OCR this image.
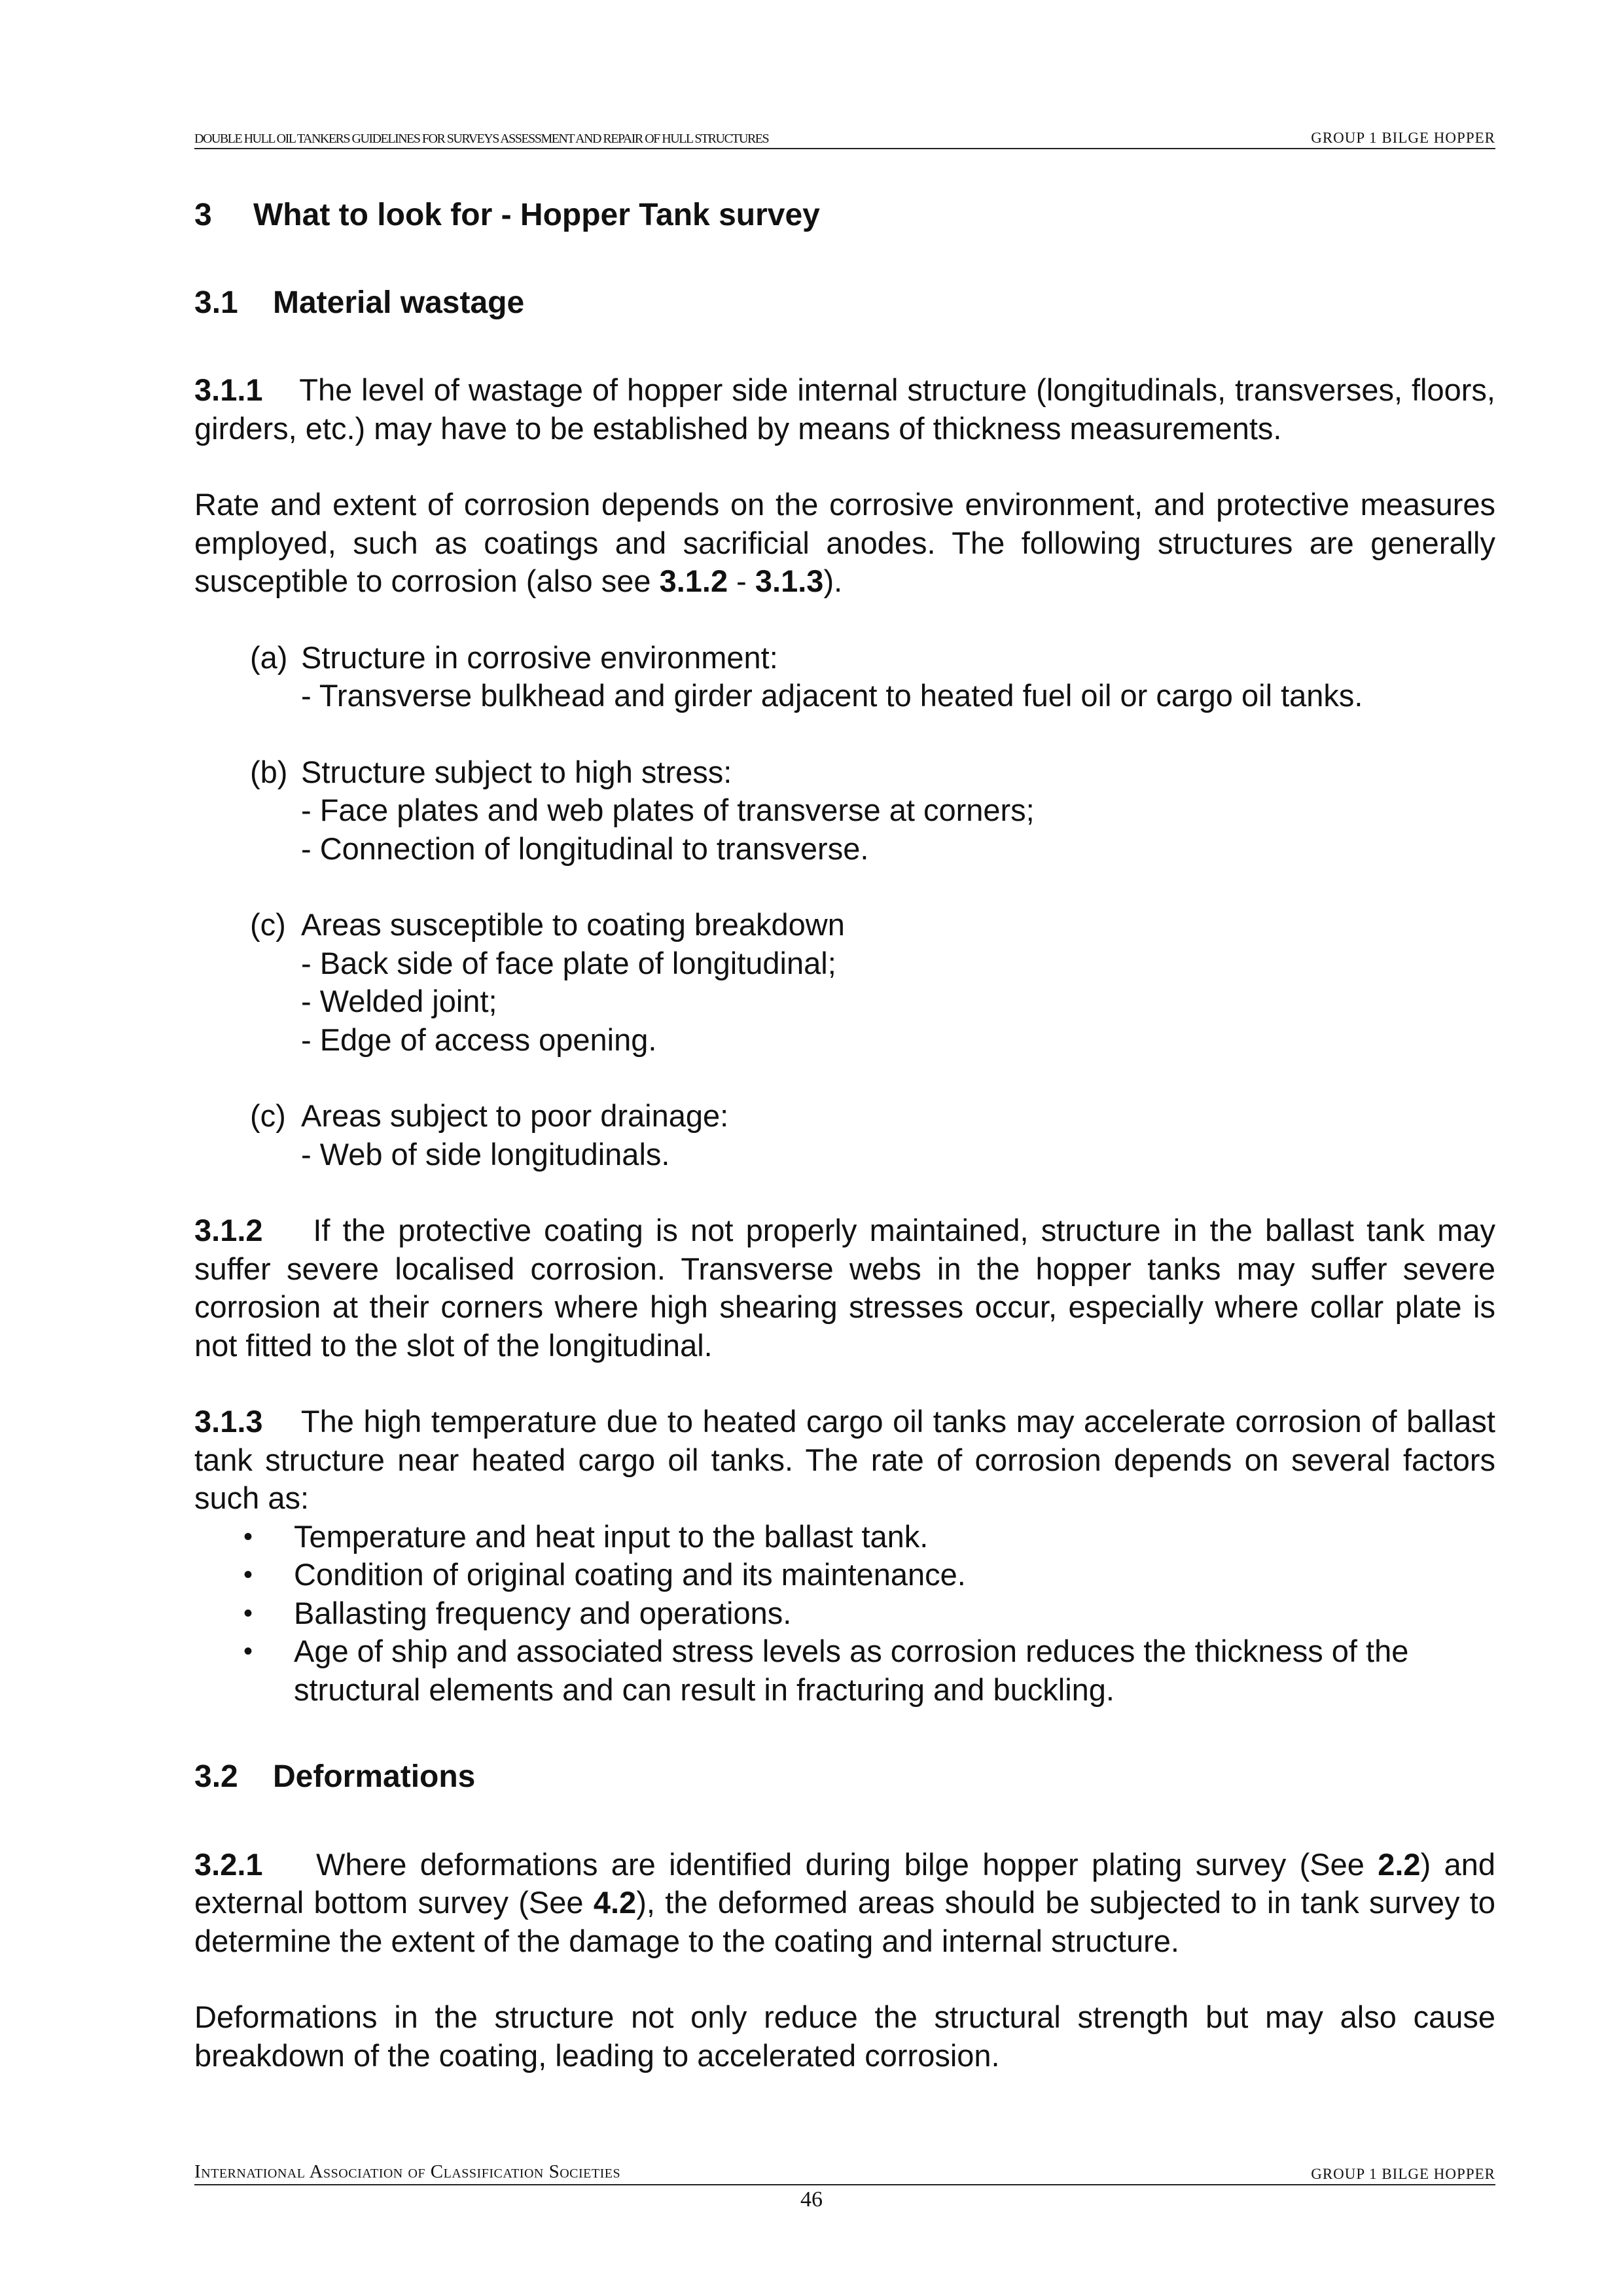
DOUBLE HULL OIL TANKERS GUIDELINES FOR SURVEYS ASSESSMENT AND REPAIR OF HULL STRUCTURES	GROUP 1 BILGE HOPPER
3 What to look for - Hopper Tank survey
3.1 Material wastage

3.1.1 The level of wastage of hopper side internal structure (longitudinals, transverses, floors, girders, etc.) may have to be established by means of thickness measurements.

Rate and extent of corrosion depends on the corrosive environment, and protective measures employed, such as coatings and sacrificial anodes. The following structures are generally susceptible to corrosion (also see 3.1.2 - 3.1.3).

(a) Structure in corrosive environment:
- Transverse bulkhead and girder adjacent to heated fuel oil or cargo oil tanks.
(b) Structure subject to high stress:
- Face plates and web plates of transverse at corners;
- Connection of longitudinal to transverse.
(c) Areas susceptible to coating breakdown
- Back side of face plate of longitudinal;
- Welded joint;
- Edge of access opening.
(c) Areas subject to poor drainage:
- Web of side longitudinals.

3.1.2 If the protective coating is not properly maintained, structure in the ballast tank may suffer severe localised corrosion. Transverse webs in the hopper tanks may suffer severe corrosion at their corners where high shearing stresses occur, especially where collar plate is not fitted to the slot of the longitudinal.

3.1.3 The high temperature due to heated cargo oil tanks may accelerate corrosion of ballast tank structure near heated cargo oil tanks. The rate of corrosion depends on several factors such as:

•	Temperature and heat input to the ballast tank.
•	Condition of original coating and its maintenance.
•	Ballasting frequency and operations.
•	Age of ship and associated stress levels as corrosion reduces the thickness of the structural elements and can result in fracturing and buckling.
3.2 Deformations

3.2.1 Where deformations are identified during bilge hopper plating survey (See 2.2) and external bottom survey (See 4.2), the deformed areas should be subjected to in tank survey to determine the extent of the damage to the coating and internal structure.

Deformations in the structure not only reduce the structural strength but may also cause breakdown of the coating, leading to accelerated corrosion.

International Association of Classification Societies	GROUP 1 BILGE HOPPER
46
